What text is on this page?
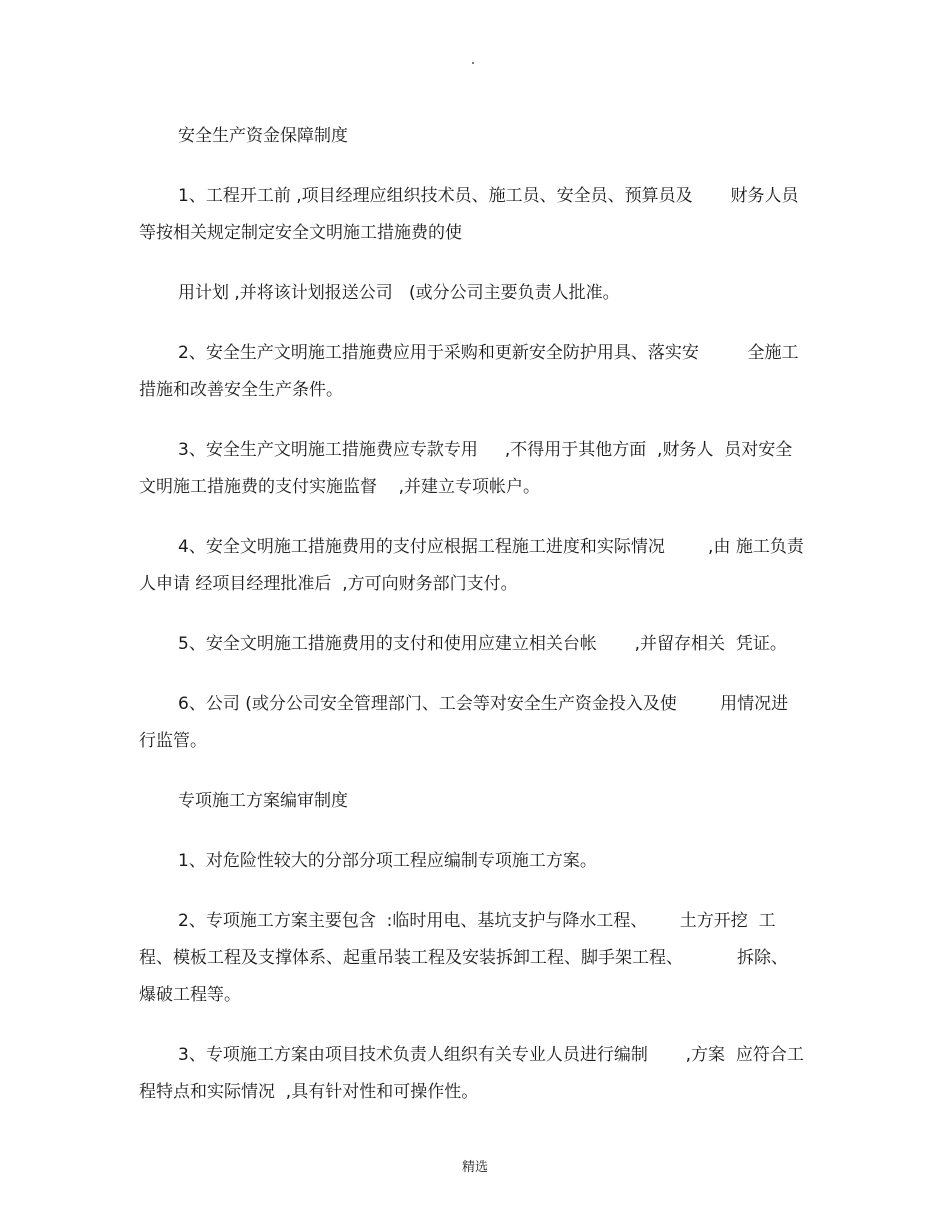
安全生产资金保障制度
1、工程开工前 ,项目经理应组织技术员、施工员、安全员、预算员及       财务人员
等按相关规定制定安全文明施工措施费的使
用计划 ,并将该计划报送公司   (或分公司主要负责人批准。
2、安全生产文明施工措施费应用于采购和更新安全防护用具、落实安         全施工
措施和改善安全生产条件。
3、安全生产文明施工措施费应专款专用     ,不得用于其他方面  ,财务人  员对安全
文明施工措施费的支付实施监督    ,并建立专项帐户。
4、安全文明施工措施费用的支付应根据工程施工进度和实际情况        ,由 施工负责
人申请 经项目经理批准后  ,方可向财务部门支付。
5、安全文明施工措施费用的支付和使用应建立相关台帐       ,并留存相关  凭证。
6、公司 (或分公司安全管理部门、工会等对安全生产资金投入及使        用情况进
行监管。
专项施工方案编审制度
1、对危险性较大的分部分项工程应编制专项施工方案。
2、专项施工方案主要包含  :临时用电、基坑支护与降水工程、      土方开挖  工
程、模板工程及支撑体系、起重吊装工程及安装拆卸工程、脚手架工程、          拆除、
爆破工程等。
3、专项施工方案由项目技术负责人组织有关专业人员进行编制       ,方案  应符合工
程特点和实际情况  ,具有针对性和可操作性。
精选
